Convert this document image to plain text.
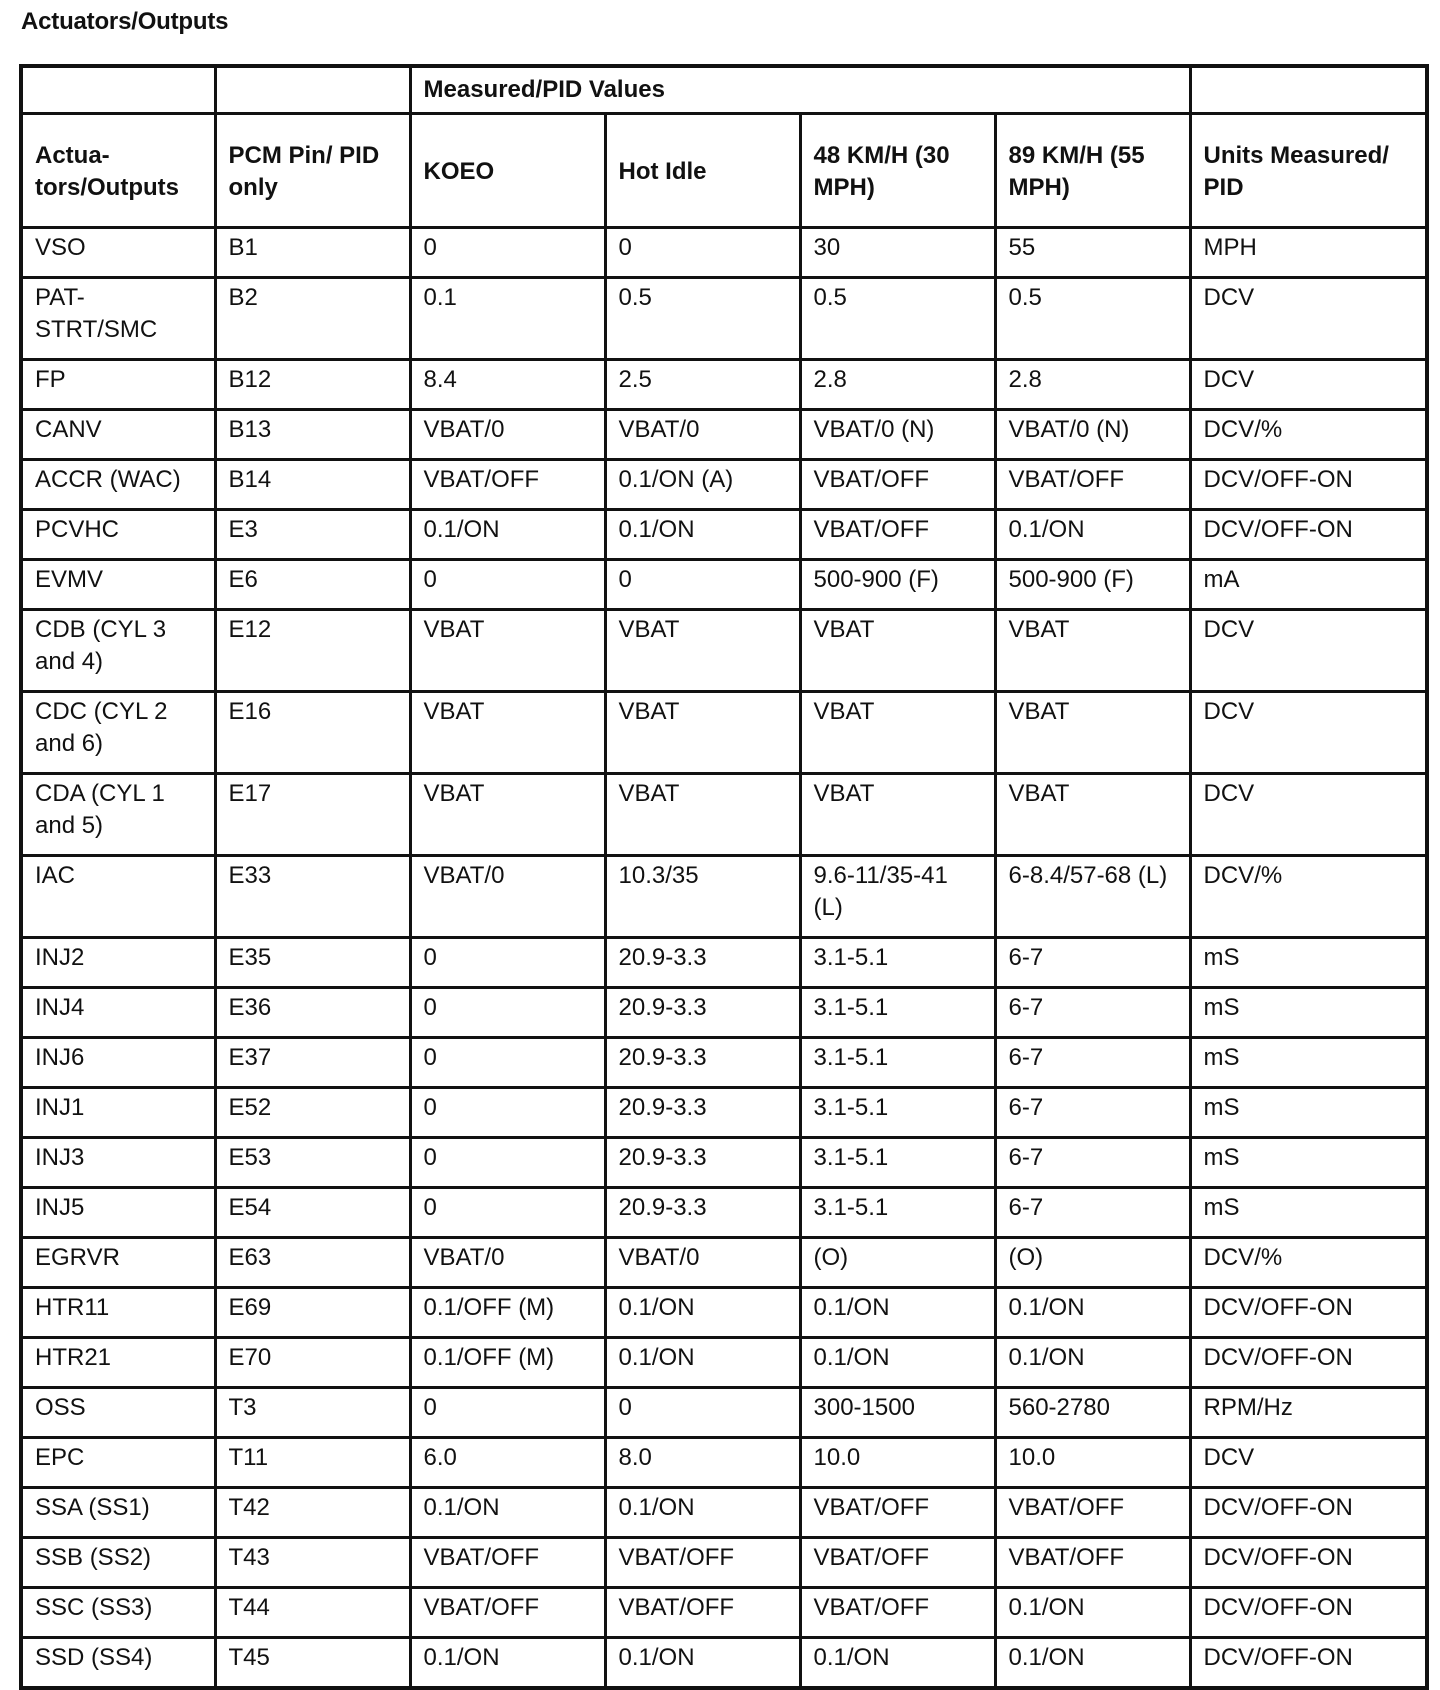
Actuators/Outputs
		Measured/PID Values				
Actua-tors/Outputs	PCM Pin/ PID only	KOEO	Hot Idle	48 KM/H (30 MPH)	89 KM/H (55 MPH)	Units Measured/ PID
VSO	B1	0	0	30	55	MPH
PAT-STRT/SMC	B2	0.1	0.5	0.5	0.5	DCV
FP	B12	8.4	2.5	2.8	2.8	DCV
CANV	B13	VBAT/0	VBAT/0	VBAT/0 (N)	VBAT/0 (N)	DCV/%
ACCR (WAC)	B14	VBAT/OFF	0.1/ON (A)	VBAT/OFF	VBAT/OFF	DCV/OFF-ON
PCVHC	E3	0.1/ON	0.1/ON	VBAT/OFF	0.1/ON	DCV/OFF-ON
EVMV	E6	0	0	500-900 (F)	500-900 (F)	mA
CDB (CYL 3 and 4)	E12	VBAT	VBAT	VBAT	VBAT	DCV
CDC (CYL 2 and 6)	E16	VBAT	VBAT	VBAT	VBAT	DCV
CDA (CYL 1 and 5)	E17	VBAT	VBAT	VBAT	VBAT	DCV
IAC	E33	VBAT/0	10.3/35	9.6-11/35-41 (L)	6-8.4/57-68 (L)	DCV/%
INJ2	E35	0	20.9-3.3	3.1-5.1	6-7	mS
INJ4	E36	0	20.9-3.3	3.1-5.1	6-7	mS
INJ6	E37	0	20.9-3.3	3.1-5.1	6-7	mS
INJ1	E52	0	20.9-3.3	3.1-5.1	6-7	mS
INJ3	E53	0	20.9-3.3	3.1-5.1	6-7	mS
INJ5	E54	0	20.9-3.3	3.1-5.1	6-7	mS
EGRVR	E63	VBAT/0	VBAT/0	(O)	(O)	DCV/%
HTR11	E69	0.1/OFF (M)	0.1/ON	0.1/ON	0.1/ON	DCV/OFF-ON
HTR21	E70	0.1/OFF (M)	0.1/ON	0.1/ON	0.1/ON	DCV/OFF-ON
OSS	T3	0	0	300-1500	560-2780	RPM/Hz
EPC	T11	6.0	8.0	10.0	10.0	DCV
SSA (SS1)	T42	0.1/ON	0.1/ON	VBAT/OFF	VBAT/OFF	DCV/OFF-ON
SSB (SS2)	T43	VBAT/OFF	VBAT/OFF	VBAT/OFF	VBAT/OFF	DCV/OFF-ON
SSC (SS3)	T44	VBAT/OFF	VBAT/OFF	VBAT/OFF	0.1/ON	DCV/OFF-ON
SSD (SS4)	T45	0.1/ON	0.1/ON	0.1/ON	0.1/ON	DCV/OFF-ON
